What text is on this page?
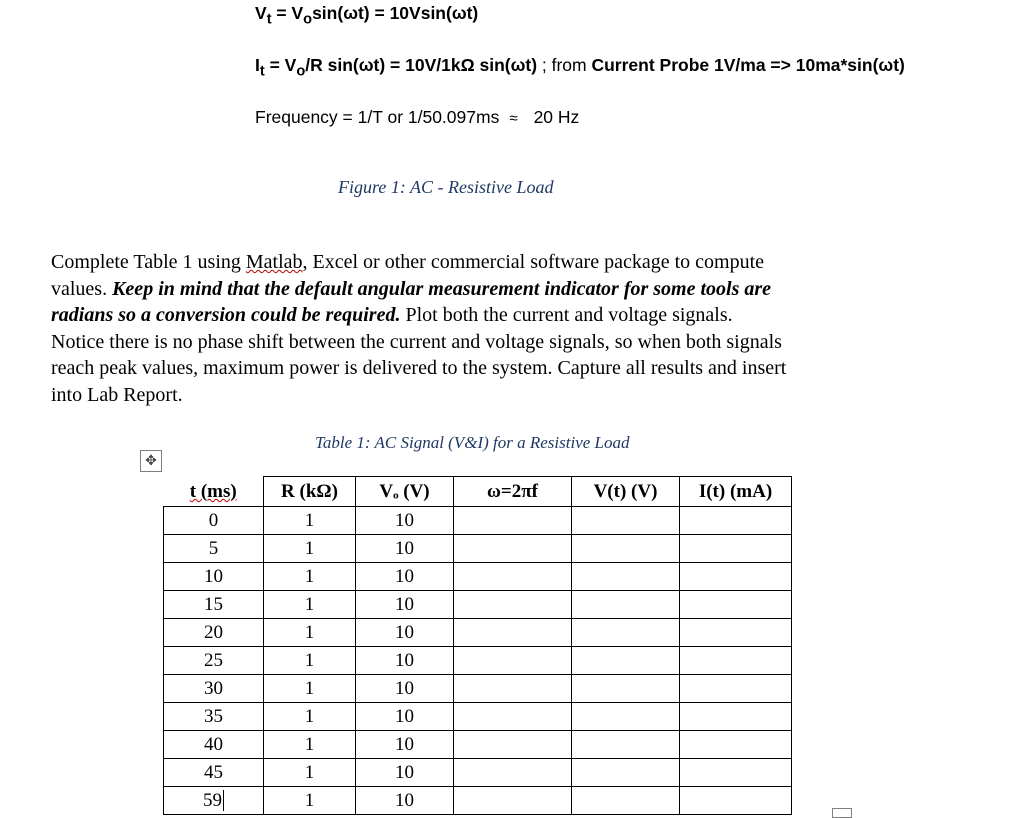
$V_t = V_o\sin(\omega t) = 10Vsin(\omega t)$
$I_t = V_o/R$ sin(ωt) = 10V/1kΩ sin(ωt) ; from Current Probe 1V/ma => 10ma*sin(ωt)
Frequency = 1/T or 1/50.097ms ≈ 20 Hz
Figure 1: AC - Resistive Load
Complete Table 1 using Matlab, Excel or other commercial software package to compute
values. Keep in mind that the default angular measurement indicator for some tools are
radians so a conversion could be required. Plot both the current and voltage signals.
Notice there is no phase shift between the current and voltage signals, so when both signals
reach peak values, maximum power is delivered to the system. Capture all results and insert
into Lab Report.
Table 1: AC Signal (V&I) for a Resistive Load
✥
t (ms)	R (kΩ)	Vₒ (V)	ω=2πf	V(t) (V)	I(t) (mA)
0	1	10			
5	1	10			
10	1	10			
15	1	10			
20	1	10			
25	1	10			
30	1	10			
35	1	10			
40	1	10			
45	1	10			
59	1	10			
